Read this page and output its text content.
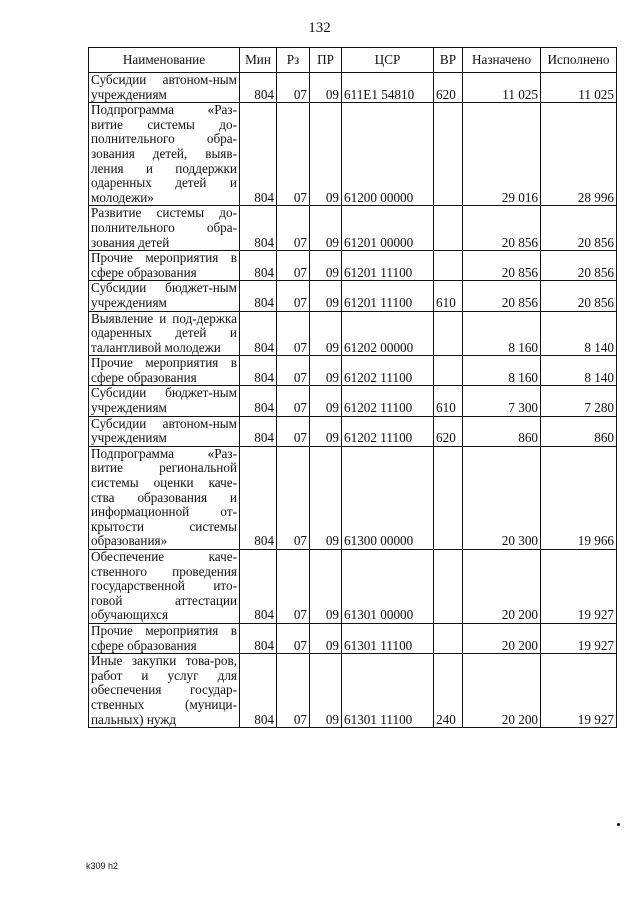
132
Наименование	Мин	Рз	ПР	ЦСР	ВР	Назначено	Исполнено
Субсидии автоном-ным учреждениям	804	07	09	611Е1 54810	620	11 025	11 025
Подпрограмма «Раз-витие системы до-полнительного обра-зования детей, выяв-ления и поддержки одаренных детей и молодежи»	804	07	09	61200 00000		29 016	28 996
Развитие системы до-полнительного обра-зования детей	804	07	09	61201 00000		20 856	20 856
Прочие мероприятия в сфере образования	804	07	09	61201 11100		20 856	20 856
Субсидии бюджет-ным учреждениям	804	07	09	61201 11100	610	20 856	20 856
Выявление и под-держка одаренных детей и талантливой молодежи	804	07	09	61202 00000		8 160	8 140
Прочие мероприятия в сфере образования	804	07	09	61202 11100		8 160	8 140
Субсидии бюджет-ным учреждениям	804	07	09	61202 11100	610	7 300	7 280
Субсидии автоном-ным учреждениям	804	07	09	61202 11100	620	860	860
Подпрограмма «Раз-витие региональной системы оценки каче-ства образования и информационной от-крытости системы образования»	804	07	09	61300 00000		20 300	19 966
Обеспечение каче-ственного проведения государственной ито-говой аттестации обучающихся	804	07	09	61301 00000		20 200	19 927
Прочие мероприятия в сфере образования	804	07	09	61301 11100		20 200	19 927
Иные закупки това-ров, работ и услуг для обеспечения государ-ственных (муници-пальных) нужд	804	07	09	61301 11100	240	20 200	19 927
k309 h2
